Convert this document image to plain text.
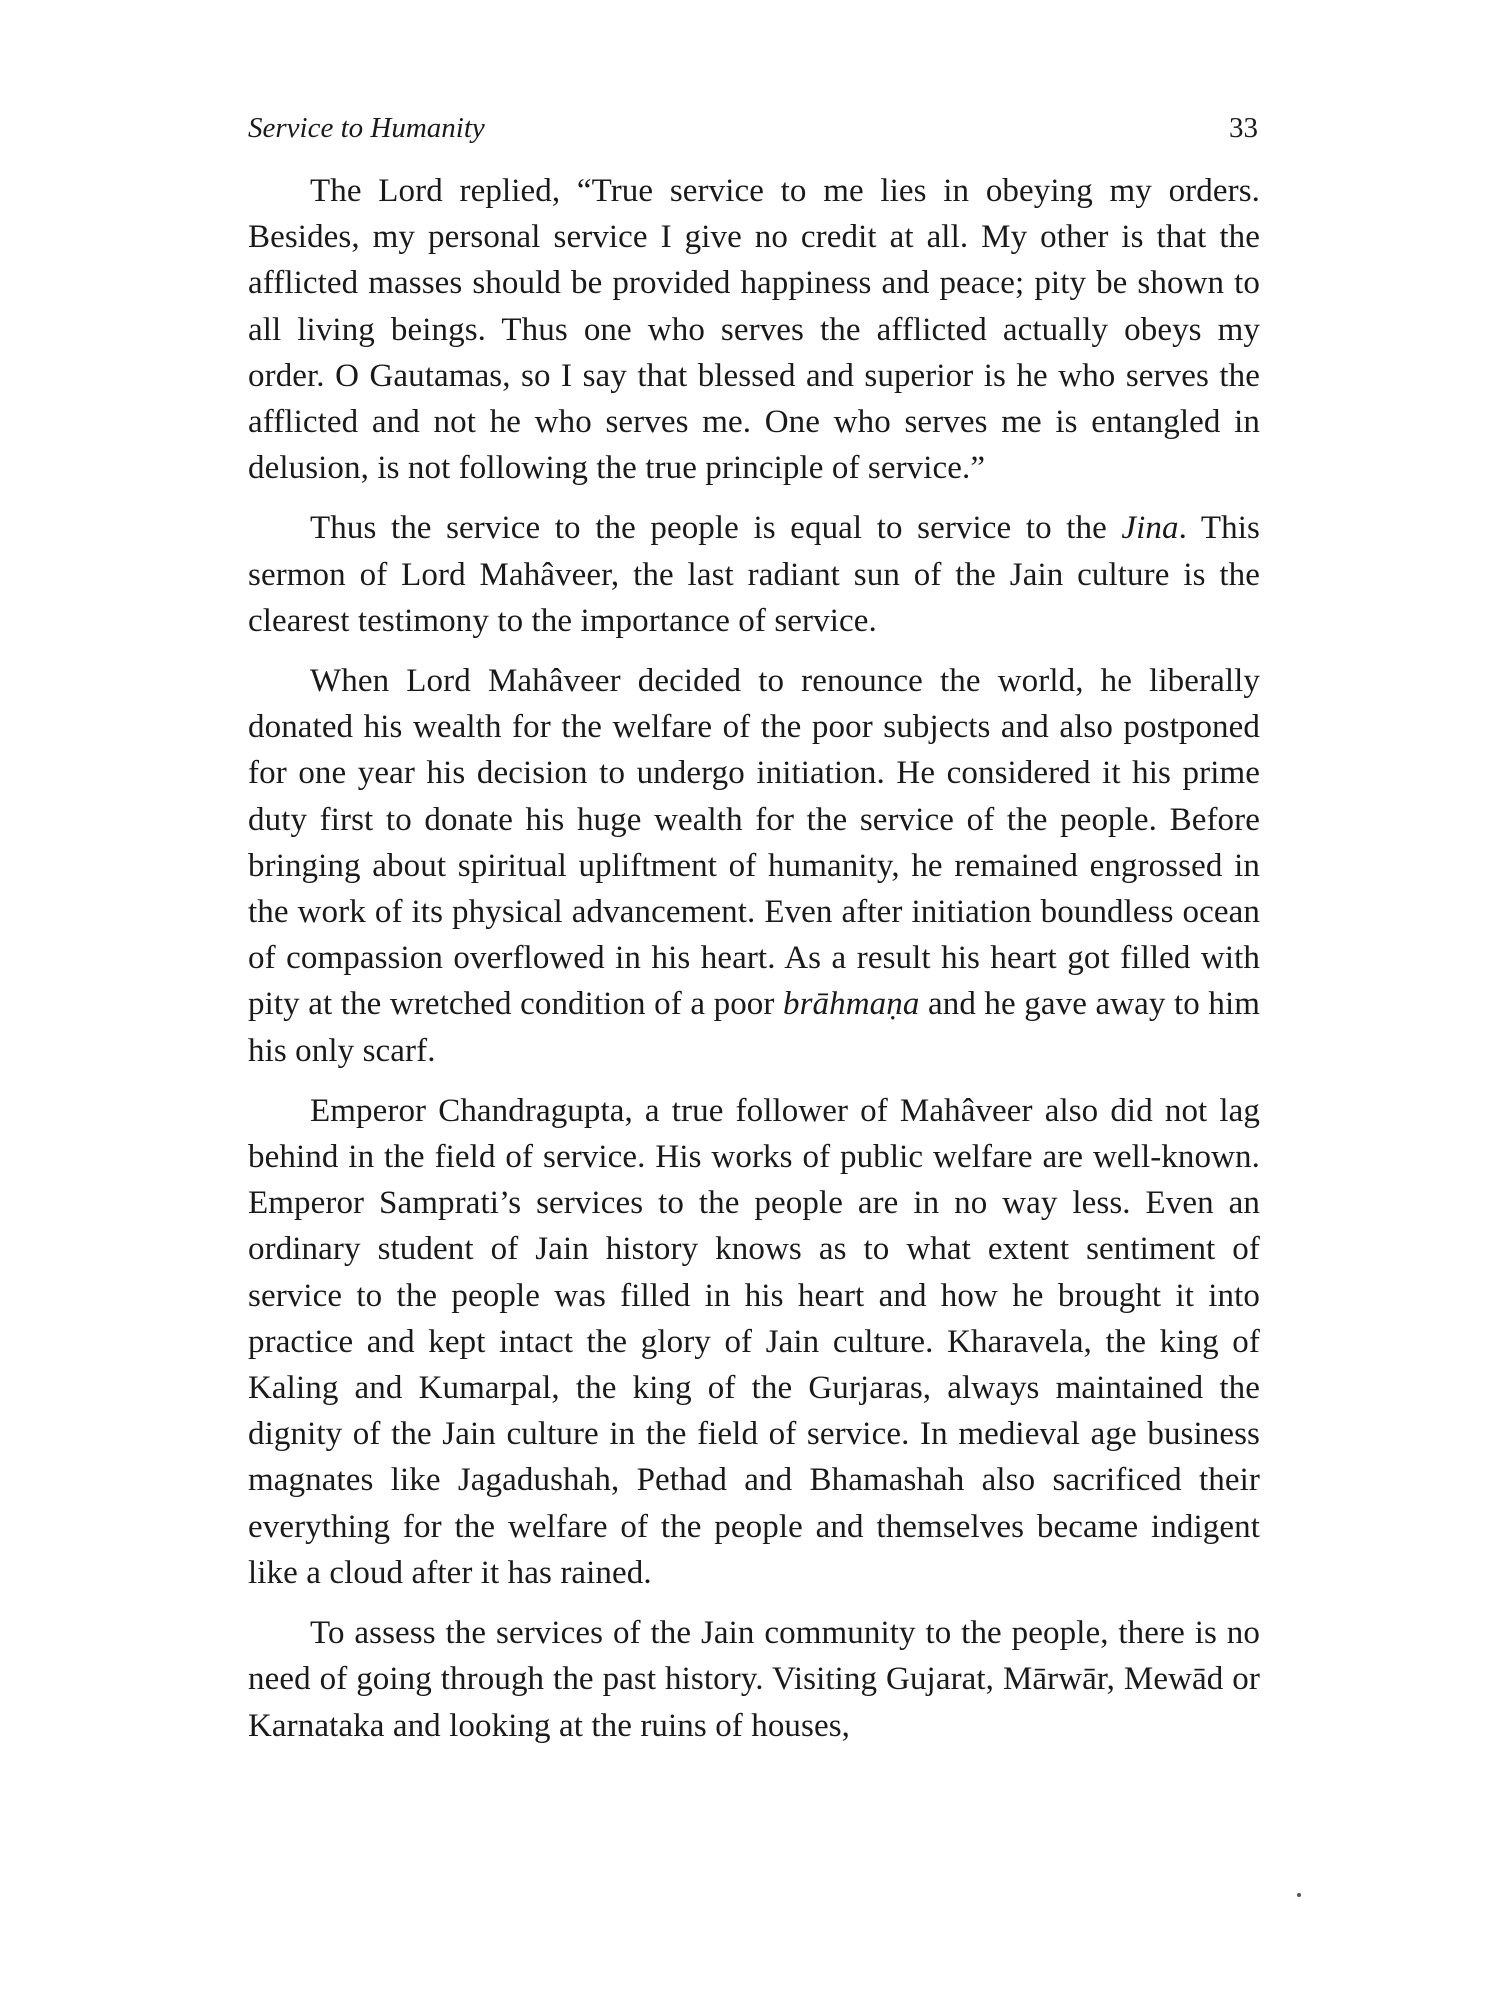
Service to Humanity	33

The Lord replied, “True service to me lies in obeying my orders. Besides, my personal service I give no credit at all. My other is that the afflicted masses should be provided happiness and peace; pity be shown to all living beings. Thus one who serves the afflicted actually obeys my order. O Gautamas, so I say that blessed and superior is he who serves the afflicted and not he who serves me. One who serves me is entangled in delusion, is not following the true principle of service.”

Thus the service to the people is equal to service to the Jina. This sermon of Lord Mahâveer, the last radiant sun of the Jain culture is the clearest testimony to the importance of service.

When Lord Mahâveer decided to renounce the world, he liberally donated his wealth for the welfare of the poor subjects and also postponed for one year his decision to undergo initiation. He considered it his prime duty first to donate his huge wealth for the service of the people. Before bringing about spiritual upliftment of humanity, he remained engrossed in the work of its physical advancement. Even after initiation boundless ocean of compassion overflowed in his heart. As a result his heart got filled with pity at the wretched condition of a poor brāhmaṇa and he gave away to him his only scarf.

Emperor Chandragupta, a true follower of Mahâveer also did not lag behind in the field of service. His works of public welfare are well-known. Emperor Samprati’s services to the people are in no way less. Even an ordinary student of Jain history knows as to what extent sentiment of service to the people was filled in his heart and how he brought it into practice and kept intact the glory of Jain culture. Kharavela, the king of Kaling and Kumarpal, the king of the Gurjaras, always maintained the dignity of the Jain culture in the field of service. In medieval age business magnates like Jagadushah, Pethad and Bhamashah also sacrificed their everything for the welfare of the people and themselves became indigent like a cloud after it has rained.

To assess the services of the Jain community to the people, there is no need of going through the past history. Visiting Gujarat, Mārwār, Mewād or Karnataka and looking at the ruins of houses,
